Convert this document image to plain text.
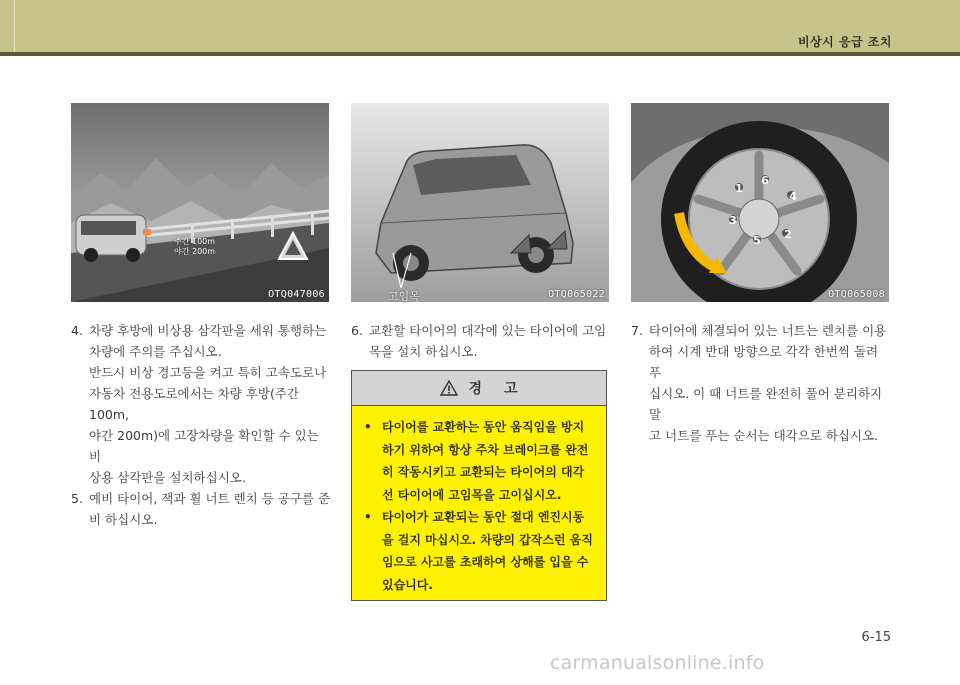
비상시 응급 조치
OTQ047006
주간 100m
야간 200m
OTQ065022
고임목	OTQ065008
1
2
3
4
5
6
4. 차량 후방에 비상용 삼각판을 세워 통행하는
차량에 주의를 주십시오.
반드시 비상 경고등을 켜고 특히 고속도로나
자동차 전용도로에서는 차량 후방(주간 100m,
야간 200m)에 고장차량을 확인할 수 있는 비
상용 삼각판을 설치하십시오.
5. 예비 타이어, 잭과 휠 너트 렌치 등 공구를 준
비 하십시오.
6. 교환할 타이어의 대각에 있는 타이어에 고임
목을 설치 하십시오.
경고
• 타이어를 교환하는 동안 움직임을 방지
하기 위하여 항상 주차 브레이크를 완전
히 작동시키고 교환되는 타이어의 대각
선 타이어에 고임목을 고이십시오.
• 타이어가 교환되는 동안 절대 엔진시동
을 걸지 마십시오. 차량의 갑작스런 움직
임으로 사고를 초래하여 상해를 입을 수
있습니다.
7. 타이어에 체결되어 있는 너트는 렌치를 이용
하여 시계 반대 방향으로 각각 한번씩 돌려 푸
십시오. 이 때 너트를 완전히 풀어 분리하지 말
고 너트를 푸는 순서는 대각으로 하십시오.
6-15
carmanualsonline.info
